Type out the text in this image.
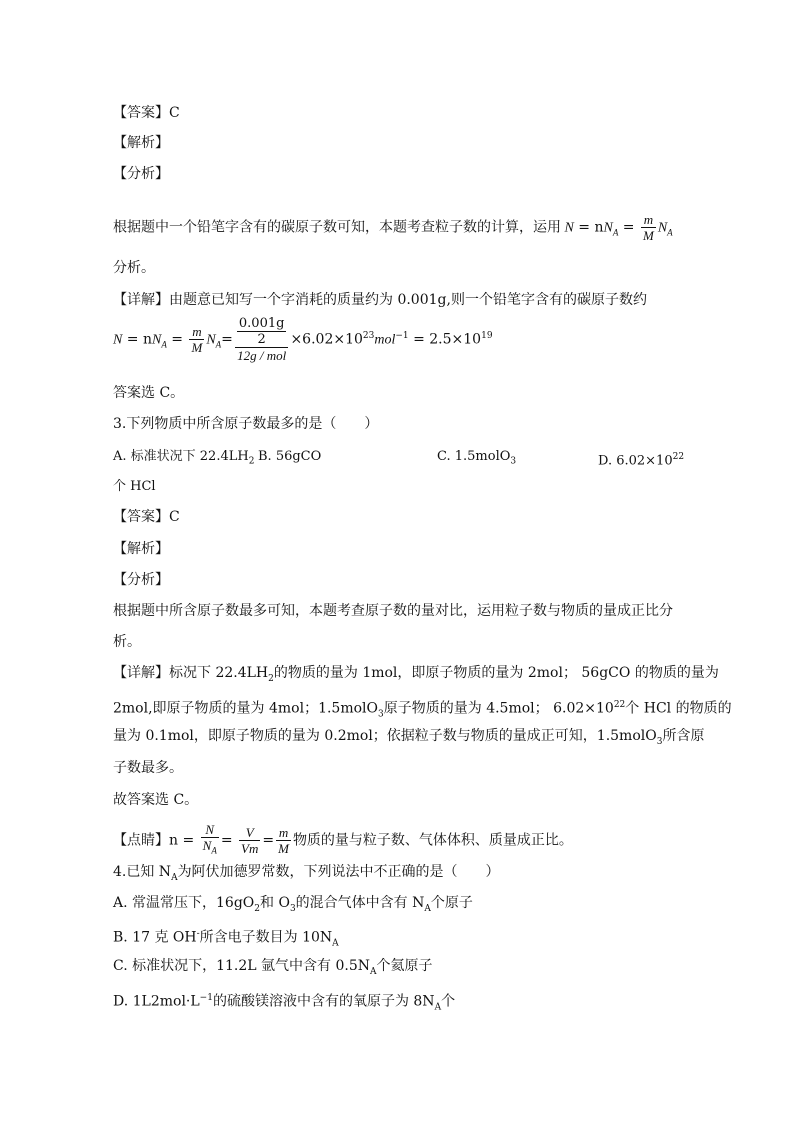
【答案】C
【解析】
【分析】
根据题中一个铅笔字含有的碳原子数可知，本题考查粒子数的计算，运用 $N = nN_A = \frac{m}{M} N_A$
分析。
【详解】由题意已知写一个字消耗的质量约为 0.001g,则一个铅笔字含有的碳原子数约
$N = nN_A = \frac{m}{M} N_A= \frac{\frac{0.001g}{2}}{\text{12g / mol}} \times 6.02\times 10^{23}mol^{-1} = 2.5\times 10^{19}$
答案选 C。
3.下列物质中所含原子数最多的是（　　）
A. 标准状况下 $22.4LH_2$ B. 56gCO	C. 1.5molO$_3$	D. $6.02\times 10^{22}$
个 HCl
【答案】C
【解析】
【分析】
根据题中所含原子数最多可知，本题考查原子数的量对比，运用粒子数与物质的量成正比分
析。
【详解】标况下 $22.4LH_2$的物质的量为 1mol，即原子物质的量为 2mol； 56gCO 的物质的量为
2mol,即原子物质的量为 4mol；1.5molO$_3$原子物质的量为 4.5mol； $6.02\times 10^{22}$个 HCl 的物质的
量为 0.1mol，即原子物质的量为 0.2mol；依据粒子数与物质的量成正可知，1.5molO$_3$所含原
子数最多。
故答案选 C。
【点睛】$n = \frac{N}{N_A} = \frac{V}{Vm} = \frac{m}{M}$ 物质的量与粒子数、气体体积、质量成正比。
4.已知 $N_A$为阿伏加德罗常数，下列说法中不正确的是（　　）
A. 常温常压下，$16gO_2$和 $O_3$的混合气体中含有 $N_A$个原子
B. 17 克 OH-所含电子数目为 $10N_A$
C. 标准状况下，11.2L 氩气中含有 $0.5N_A$个氦原子
D. $1L2mol\cdot L^{-1}$的硫酸镁溶液中含有的氧原子为 $8N_A$个
